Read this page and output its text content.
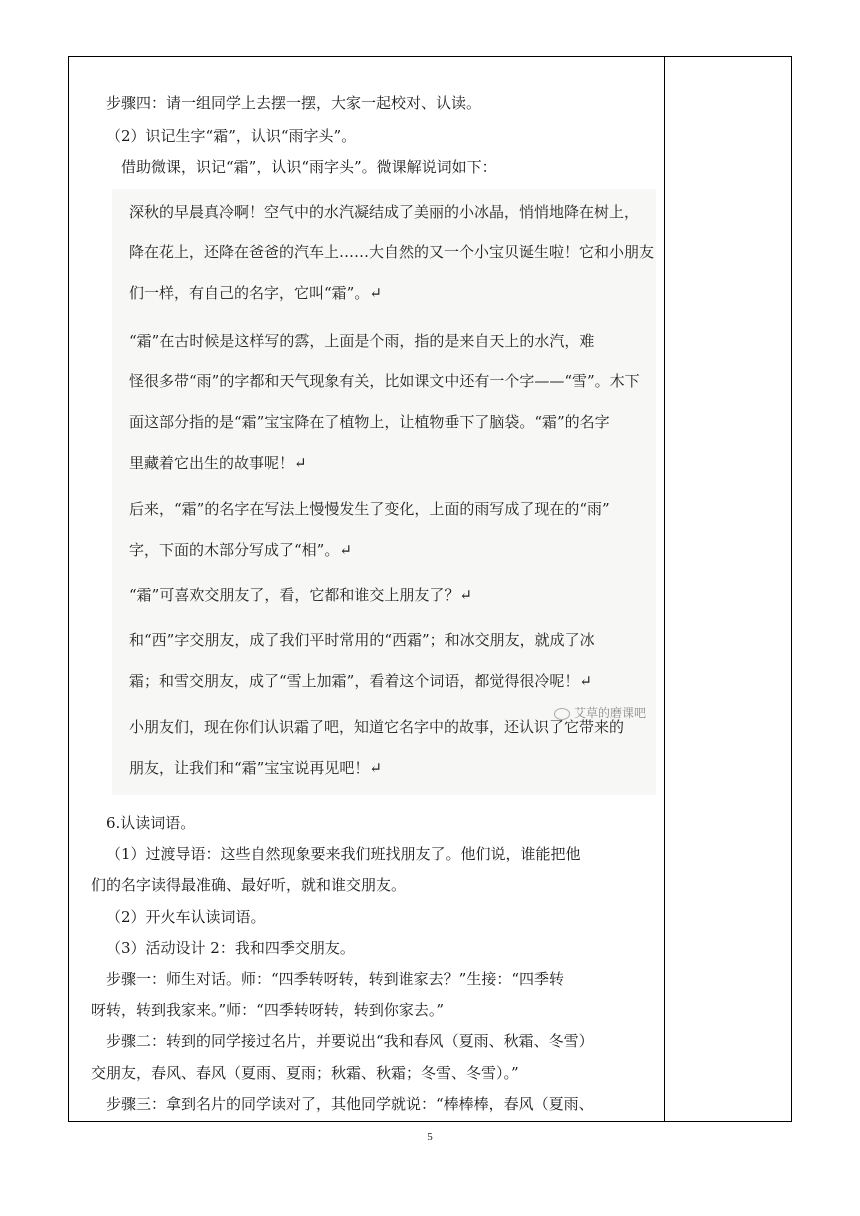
步骤四：请一组同学上去摆一摆，大家一起校对、认读。
（2）识记生字“霜”，认识“雨字头”。
借助微课，识记“霜”，认识“雨字头”。微课解说词如下：
深秋的早晨真冷啊！空气中的水汽凝结成了美丽的小冰晶，悄悄地降在树上，
降在花上，还降在爸爸的汽车上……大自然的又一个小宝贝诞生啦！它和小朋友
们一样，有自己的名字，它叫“霜”。↵
“霜”在古时候是这样写的𩃬，上面是个雨，指的是来自天上的水汽，难
怪很多带“雨”的字都和天气现象有关，比如课文中还有一个字——“雪”。木下
面这部分指的是“霜”宝宝降在了植物上，让植物垂下了脑袋。“霜”的名字
里藏着它出生的故事呢！↵
后来，“霜”的名字在写法上慢慢发生了变化，上面的雨写成了现在的“雨”
字，下面的木部分写成了“相”。↵
“霜”可喜欢交朋友了，看，它都和谁交上朋友了？↵
和“西”字交朋友，成了我们平时常用的“西霜”；和冰交朋友，就成了冰
霜；和雪交朋友，成了“雪上加霜”，看着这个词语，都觉得很冷呢！↵
小朋友们，现在你们认识霜了吧，知道它名字中的故事，还认识了它带来的
朋友，让我们和“霜”宝宝说再见吧！↵
艾草的磨课吧
6.认读词语。
（1）过渡导语：这些自然现象要来我们班找朋友了。他们说，谁能把他
们的名字读得最准确、最好听，就和谁交朋友。
（2）开火车认读词语。
（3）活动设计 2：我和四季交朋友。
步骤一：师生对话。师：“四季转呀转，转到谁家去？”生接：“四季转
呀转，转到我家来。”师：“四季转呀转，转到你家去。”
步骤二：转到的同学接过名片，并要说出“我和春风（夏雨、秋霜、冬雪）
交朋友，春风、春风（夏雨、夏雨；秋霜、秋霜；冬雪、冬雪）。”
步骤三：拿到名片的同学读对了，其他同学就说：“棒棒棒，春风（夏雨、
5
